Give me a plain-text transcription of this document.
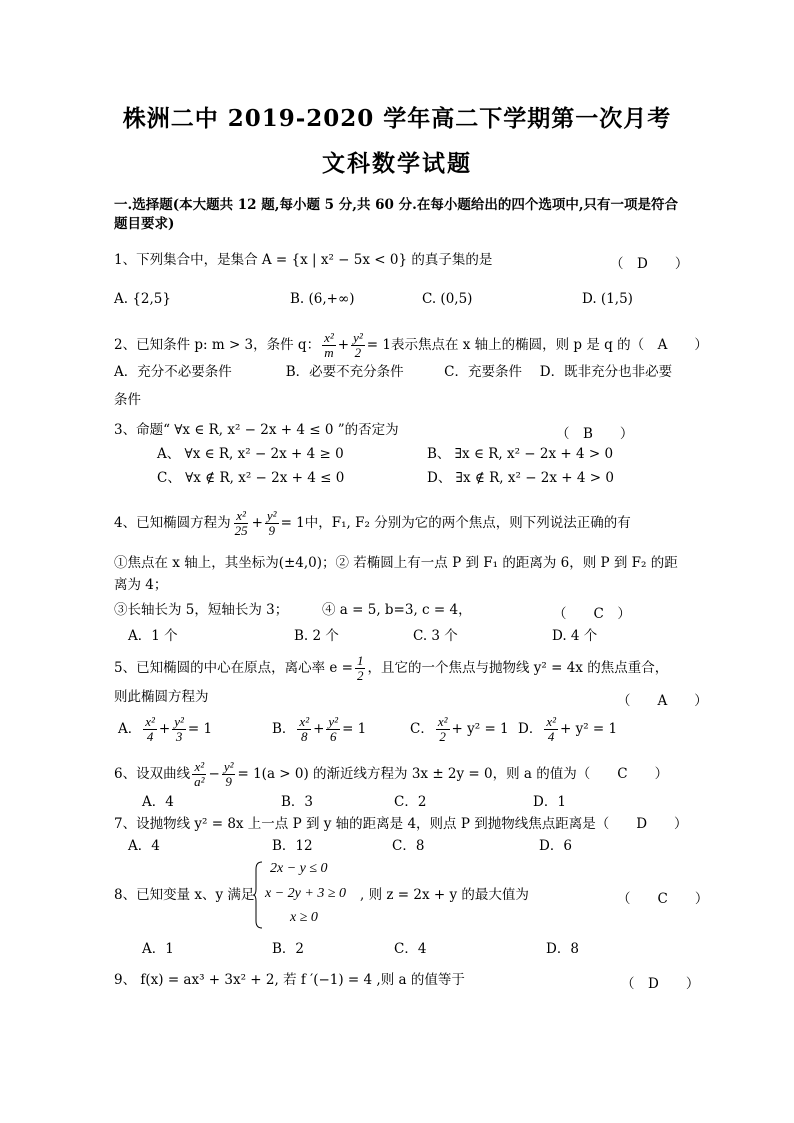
株洲二中 2019-2020 学年高二下学期第一次月考
文科数学试题
一.选择题(本大题共 12 题,每小题 5 分,共 60 分.在每小题给出的四个选项中,只有一项是符合题目要求)
1、下列集合中，是集合 A = {x | x² − 5x < 0} 的真子集的是	（　D　　）
A. {2,5}	B. (6,+∞)	C. (0,5)	D. (1,5)
2、已知条件 p: m > 3，条件 q： $\frac{\text{x²}}{m} + \frac{\text{y²}}{2} = 1$表示焦点在 x 轴上的椭圆，则 p 是 q 的（　A　　）
A．充分不必要条件　　　　B．必要不充分条件　　　C．充要条件　 D．既非充分也非必要
条件
3、命题“ ∀x ∈ R, x² − 2x + 4 ≤ 0 ”的否定为	（　B　　）
A、 ∀x ∈ R, x² − 2x + 4 ≥ 0	B、 ∃x ∈ R, x² − 2x + 4 > 0
C、 ∀x ∉ R, x² − 2x + 4 ≤ 0	D、 ∃x ∉ R, x² − 2x + 4 > 0
4、已知椭圆方程为 $\frac{\text{x²}}{25} + \frac{\text{y²}}{9} = 1$中，F₁, F₂ 分别为它的两个焦点，则下列说法正确的有
①焦点在 x 轴上，其坐标为(±4,0)；② 若椭圆上有一点 P 到 F₁ 的距离为 6，则 P 到 F₂ 的距
离为 4；
③长轴长为 5，短轴长为 3；　　　④ a = 5, b=3, c = 4，	（　　C　）
A．1 个	B. 2 个	C. 3 个	D. 4 个
5、已知椭圆的中心在原点，离心率 $e = \frac{1}{2}$ ，且它的一个焦点与抛物线 y² = 4x 的焦点重合，
则此椭圆方程为	（　　A　　）
A． $\frac{\text{x²}}{4} + \frac{\text{y²}}{3} = 1$	B． $\frac{\text{x²}}{8} + \frac{\text{y²}}{6} = 1$	C． $\frac{\text{x²}}{2} + y^2 = 1$ D． $\frac{\text{x²}}{4} + y^2 = 1$
6、设双曲线 $\frac{\text{x²}}{\text{a²}} - \frac{\text{y²}}{9} = 1(a > 0)$ 的渐近线方程为 3x ± 2y = 0，则 a 的值为（　　C　　）
A．4	B．3	C．2	D．1
7、设抛物线 y² = 8x 上一点 P 到 y 轴的距离是 4，则点 P 到抛物线焦点距离是（　　D　　）
A．4	B．12	C．8	D．6
8、已知变量 x、y 满足
2x − y ≤ 0
x − 2y + 3 ≥ 0
x ≥ 0
, 则 z = 2x + y 的最大值为	（　　C　　）
A．1	B．2	C．4	D．8
9、 f(x) = ax³ + 3x² + 2, 若 f ′(−1) = 4 ,则 a 的值等于	（　D　　）
